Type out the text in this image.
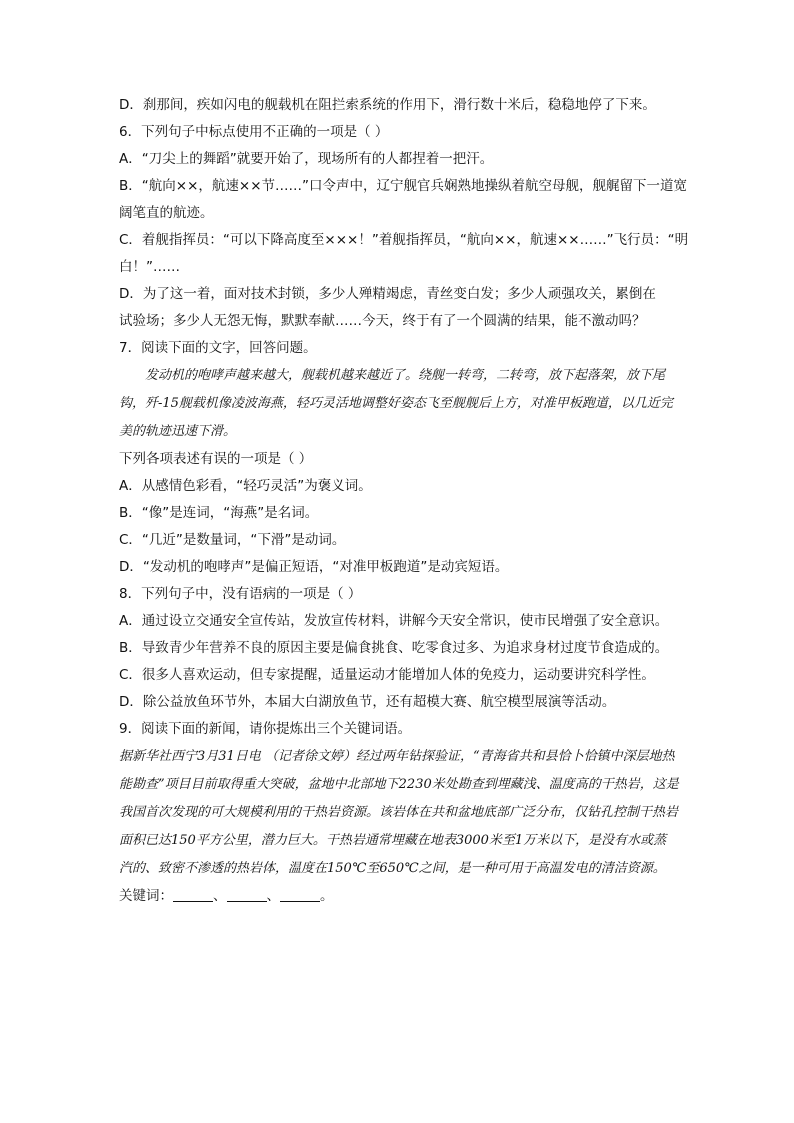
D．刹那间，疾如闪电的舰载机在阻拦索系统的作用下，滑行数十米后，稳稳地停了下来。
6．下列句子中标点使用不正确的一项是（ ）
A．“刀尖上的舞蹈”就要开始了，现场所有的人都捏着一把汗。
B．“航向××，航速××节……”口令声中，辽宁舰官兵娴熟地操纵着航空母舰，舰艉留下一道宽
阔笔直的航迹。
C．着舰指挥员：“可以下降高度至×××！”着舰指挥员，“航向××，航速××……”飞行员：“明
白！”……
D．为了这一着，面对技术封锁，多少人殚精竭虑，青丝变白发；多少人顽强攻关，累倒在
试验场；多少人无怨无悔，默默奉献……今天，终于有了一个圆满的结果，能不激动吗？
7．阅读下面的文字，回答问题。
发动机的咆哮声越来越大，舰载机越来越近了。绕舰一转弯，二转弯，放下起落架，放下尾钩，歼-15舰载机像凌波海燕，轻巧灵活地调整好姿态飞至舰舰后上方，对准甲板跑道，以几近完美的轨迹迅速下滑。
下列各项表述有误的一项是（ ）
A．从感情色彩看，“轻巧灵活”为褒义词。
B．“像”是连词，“海燕”是名词。
C．“几近”是数量词，“下滑”是动词。
D．“发动机的咆哮声”是偏正短语，“对准甲板跑道”是动宾短语。
8．下列句子中，没有语病的一项是（ ）
A．通过设立交通安全宣传站，发放宣传材料，讲解今天安全常识，使市民增强了安全意识。
B．导致青少年营养不良的原因主要是偏食挑食、吃零食过多、为追求身材过度节食造成的。
C．很多人喜欢运动，但专家提醒，适量运动才能增加人体的免疫力，运动要讲究科学性。
D．除公益放鱼环节外，本届大白湖放鱼节，还有超模大赛、航空模型展演等活动。
9．阅读下面的新闻，请你提炼出三个关键词语。
据新华社西宁3月31日电 （记者徐文婷）经过两年钻探验证，“青海省共和县恰卜恰镇中深层地热能勘查”项目目前取得重大突破，盆地中北部地下2230米处勘查到埋藏浅、温度高的干热岩，这是我国首次发现的可大规模利用的干热岩资源。该岩体在共和盆地底部广泛分布，仅钻孔控制干热岩面积已达150平方公里，潜力巨大。干热岩通常埋藏在地表3000米至1万米以下，是没有水或蒸汽的、致密不渗透的热岩体，温度在150℃至650℃之间，是一种可用于高温发电的清洁资源。
关键词：	、	、	。
